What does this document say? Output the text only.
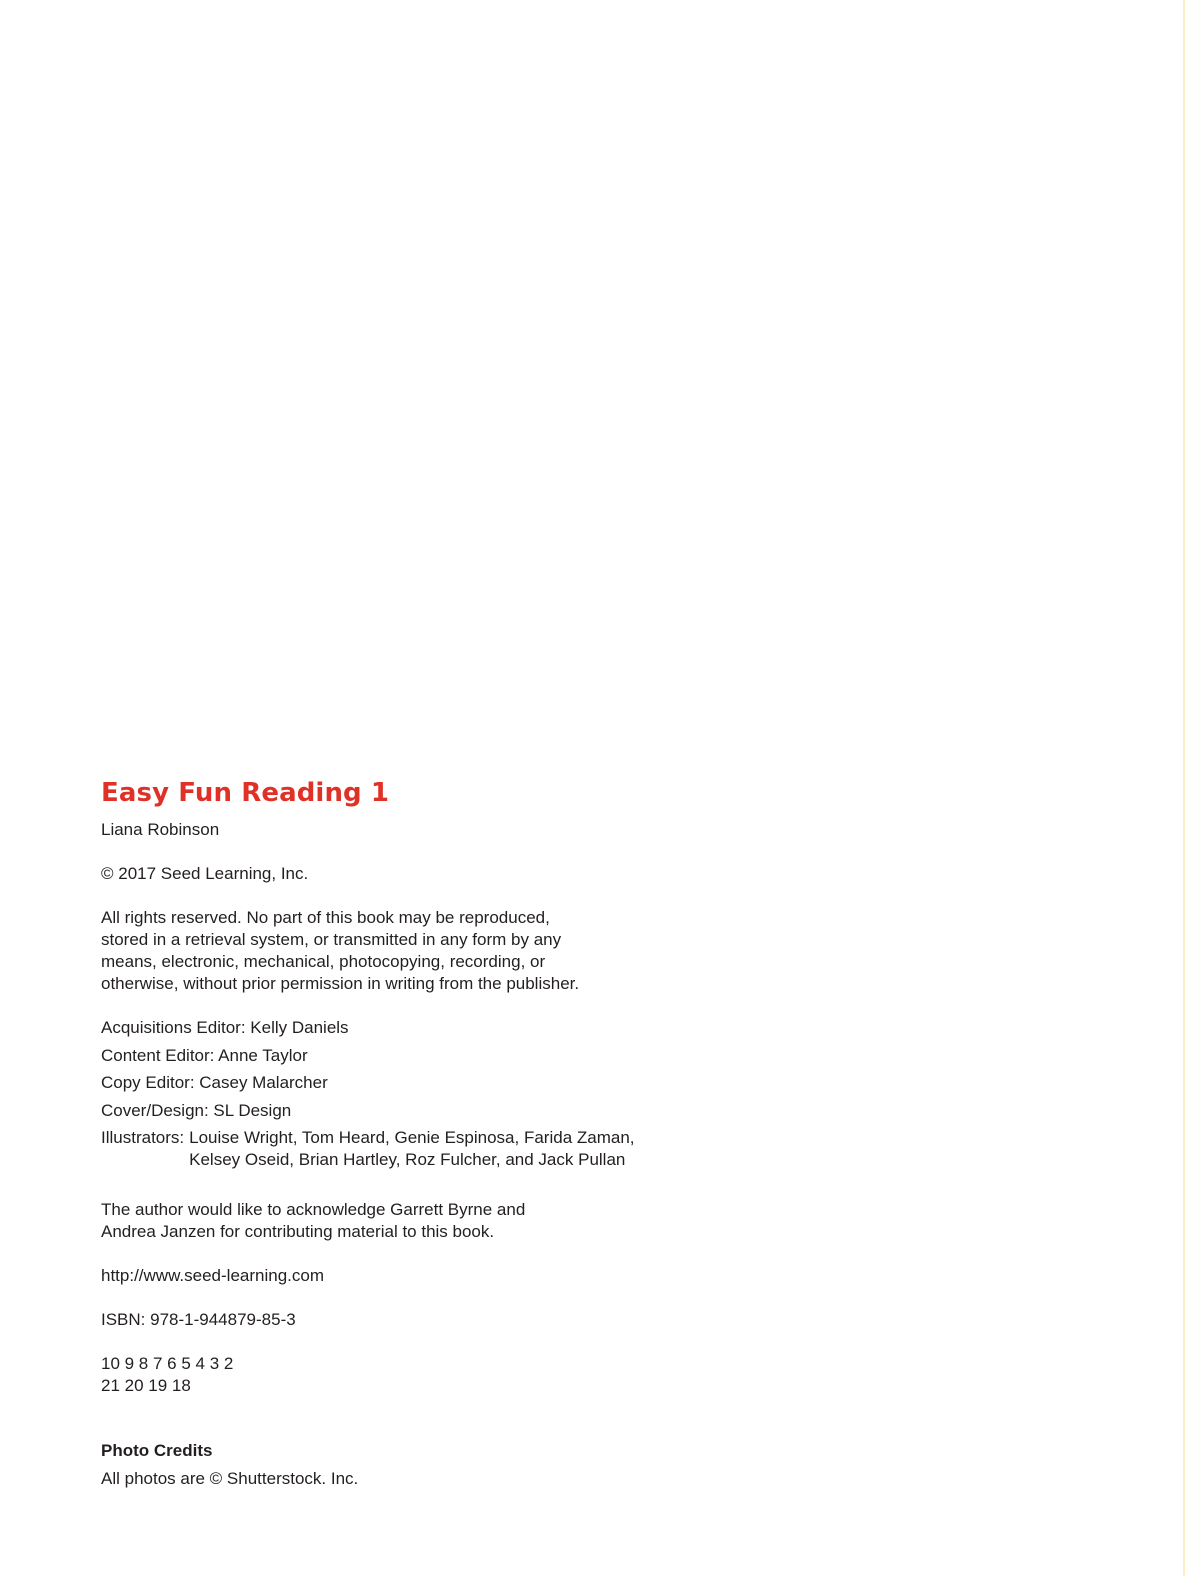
Easy Fun Reading 1

Liana Robinson

© 2017 Seed Learning, Inc.

All rights reserved. No part of this book may be reproduced,

stored in a retrieval system, or transmitted in any form by any

means, electronic, mechanical, photocopying, recording, or

otherwise, without prior permission in writing from the publisher.

Acquisitions Editor: Kelly Daniels
Content Editor: Anne Taylor
Copy Editor: Casey Malarcher
Cover/Design: SL Design
Illustrators: Louise Wright, Tom Heard, Genie Espinosa, Farida Zaman,
Kelsey Oseid, Brian Hartley, Roz Fulcher, and Jack Pullan

The author would like to acknowledge Garrett Byrne and

Andrea Janzen for contributing material to this book.

http://www.seed-learning.com

ISBN: 978-1-944879-85-3

10 9 8 7 6 5 4 3 2

21 20 19 18

Photo Credits

All photos are © Shutterstock. Inc.
